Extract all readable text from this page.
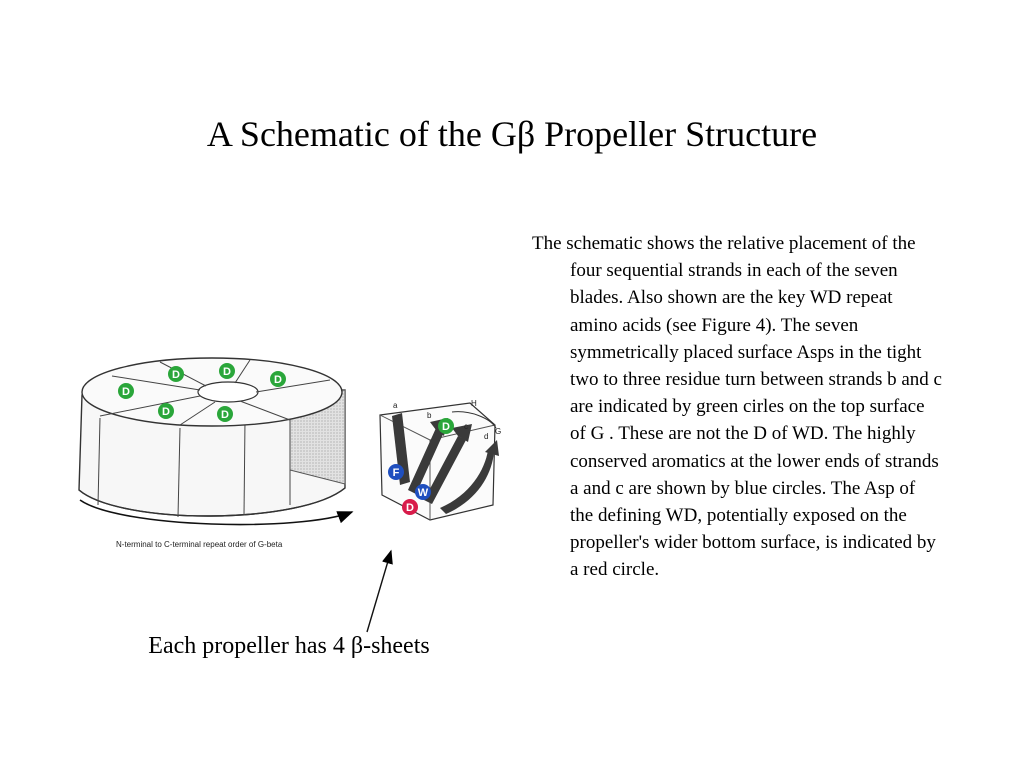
A Schematic of the Gβ Propeller Structure
The schematic shows the relative placement of the four sequential strands in each of the seven blades. Also shown are the key WD repeat amino acids (see Figure 4). The seven symmetrically placed surface Asps in the tight two to three residue turn between strands b and c are indicated by green cirles on the top surface of G . These are not the D of WD. The highly conserved aromatics at the lower ends of strands a and c are shown by blue circles. The Asp of the defining WD, potentially exposed on the propeller's wider bottom surface, is indicated by a red circle.
D
D	D
D
D	D
N-terminal to C-terminal repeat order of G-beta
a
b
c
d
H
G
D
F
W
D
Each propeller has 4 β-sheets
